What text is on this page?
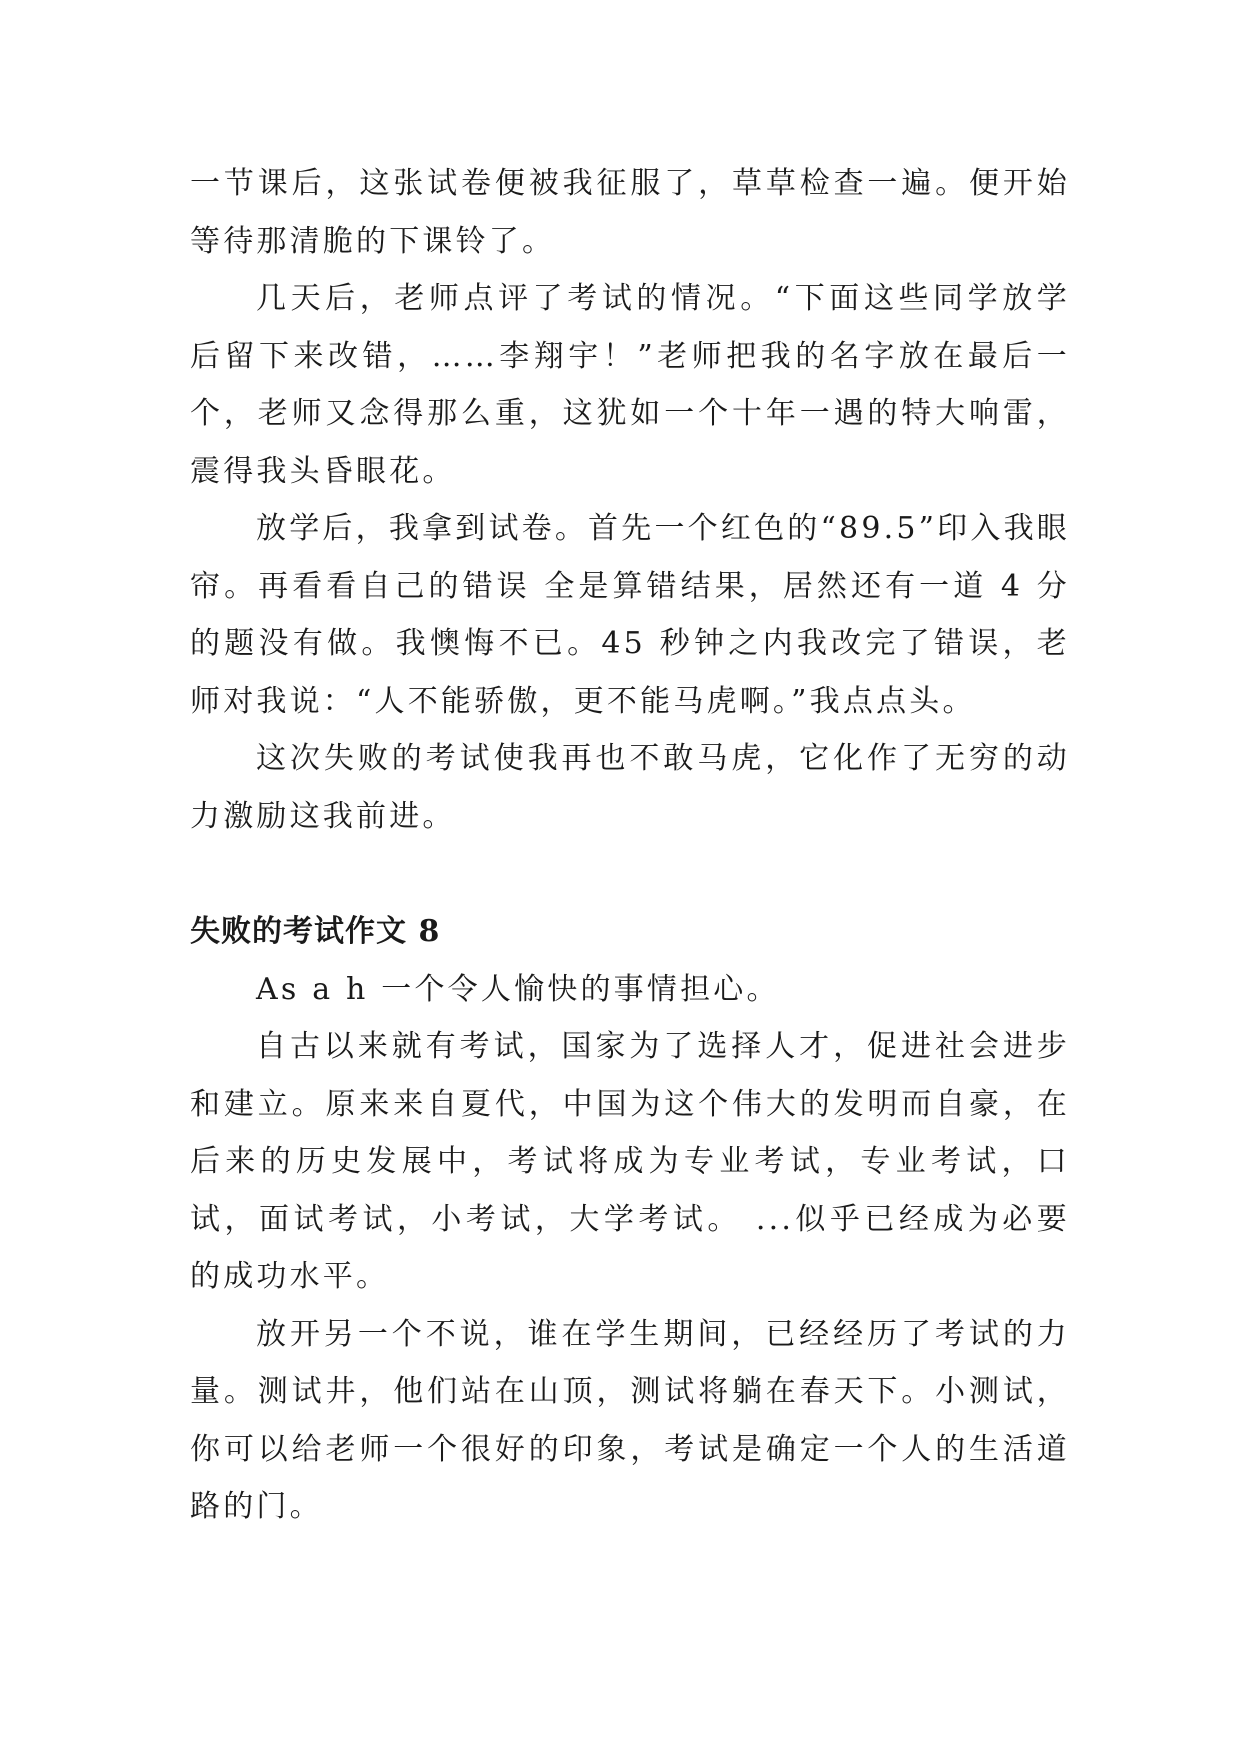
一节课后，这张试卷便被我征服了，草草检查一遍。便开始等待那清脆的下课铃了。

几天后，老师点评了考试的情况。“下面这些同学放学后留下来改错，……李翔宇！”老师把我的名字放在最后一个，老师又念得那么重，这犹如一个十年一遇的特大响雷，震得我头昏眼花。

放学后，我拿到试卷。首先一个红色的“89.5”印入我眼帘。再看看自己的错误 全是算错结果，居然还有一道 4 分的题没有做。我懊悔不已。45 秒钟之内我改完了错误，老师对我说：“人不能骄傲，更不能马虎啊。”我点点头。

这次失败的考试使我再也不敢马虎，它化作了无穷的动力激励这我前进。

失败的考试作文 8

As a h 一个令人愉快的事情担心。

自古以来就有考试，国家为了选择人才，促进社会进步和建立。原来来自夏代，中国为这个伟大的发明而自豪，在后来的历史发展中，考试将成为专业考试，专业考试，口试，面试考试，小考试，大学考试。 ...似乎已经成为必要的成功水平。

放开另一个不说，谁在学生期间，已经经历了考试的力量。测试井，他们站在山顶，测试将躺在春天下。小测试，你可以给老师一个很好的印象，考试是确定一个人的生活道路的门。
